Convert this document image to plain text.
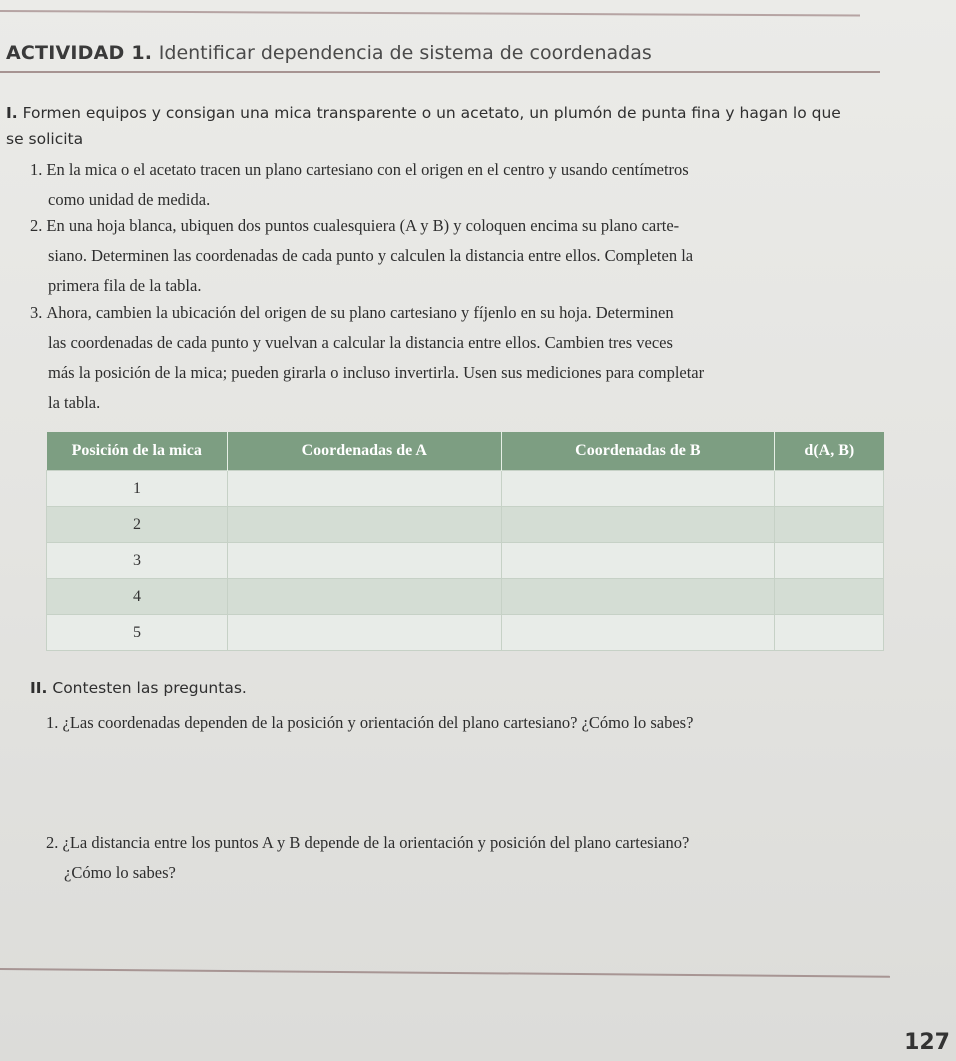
ACTIVIDAD 1. Identificar dependencia de sistema de coordenadas

I. Formen equipos y consigan una mica transparente o un acetato, un plumón de punta fina y hagan lo que
se solicita

1. En la mica o el acetato tracen un plano cartesiano con el origen en el centro y usando centímetros
como unidad de medida.

2. En una hoja blanca, ubiquen dos puntos cualesquiera (A y B) y coloquen encima su plano carte-
siano. Determinen las coordenadas de cada punto y calculen la distancia entre ellos. Completen la
primera fila de la tabla.

3. Ahora, cambien la ubicación del origen de su plano cartesiano y fíjenlo en su hoja. Determinen
las coordenadas de cada punto y vuelvan a calcular la distancia entre ellos. Cambien tres veces
más la posición de la mica; pueden girarla o incluso invertirla. Usen sus mediciones para completar
la tabla.

Posición de la mica	Coordenadas de A	Coordenadas de B	d(A, B)
1			
2			
3			
4			
5			

II. Contesten las preguntas.

1. ¿Las coordenadas dependen de la posición y orientación del plano cartesiano? ¿Cómo lo sabes?

2. ¿La distancia entre los puntos A y B depende de la orientación y posición del plano cartesiano?
¿Cómo lo sabes?

127
